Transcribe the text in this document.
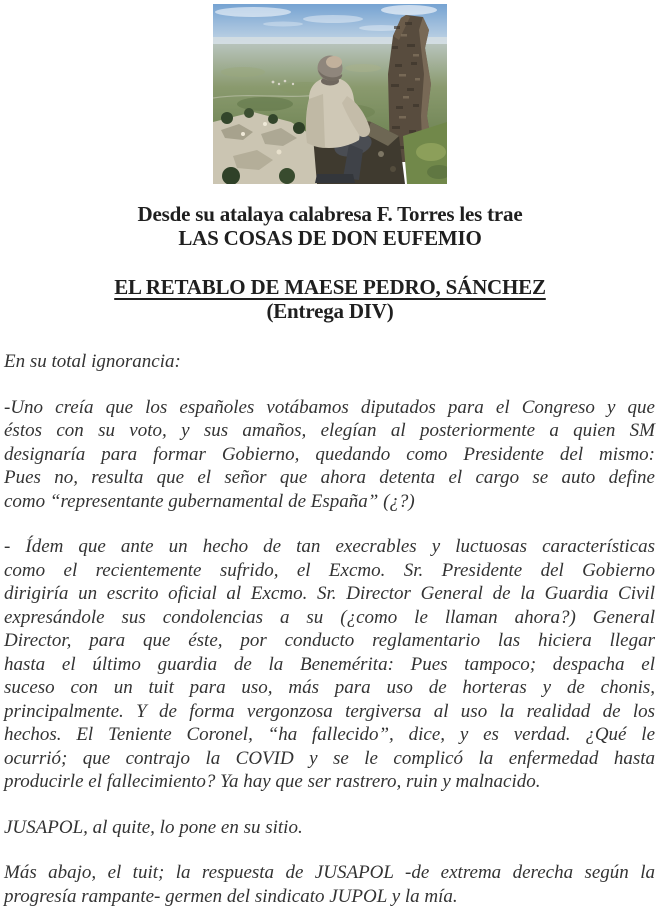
Desde su atalaya calabresa F. Torres les trae
LAS COSAS DE DON EUFEMIO
EL RETABLO DE MAESE PEDRO, SÁNCHEZ
(Entrega DIV)
En su total ignorancia:
-Uno creía que los españoles votábamos diputados para el Congreso y que
éstos con su voto, y sus amaños, elegían al posteriormente a quien SM
designaría para formar Gobierno, quedando como Presidente del mismo:
Pues no, resulta que el señor que ahora detenta el cargo se auto define
como “representante gubernamental de España” (¿?)
- Ídem que ante un hecho de tan execrables y luctuosas características
como el recientemente sufrido, el Excmo. Sr. Presidente del Gobierno
dirigiría un escrito oficial al Excmo. Sr. Director General de la Guardia Civil
expresándole sus condolencias a su (¿como le llaman ahora?) General
Director, para que éste, por conducto reglamentario las hiciera llegar
hasta el último guardia de la Benemérita: Pues tampoco; despacha el
suceso con un tuit para uso, más para uso de horteras y de chonis,
principalmente. Y de forma vergonzosa tergiversa al uso la realidad de los
hechos. El Teniente Coronel, “ha fallecido”, dice, y es verdad. ¿Qué le
ocurrió; que contrajo la COVID y se le complicó la enfermedad hasta
producirle el fallecimiento? Ya hay que ser rastrero, ruin y malnacido.
JUSAPOL, al quite, lo pone en su sitio.
Más abajo, el tuit; la respuesta de JUSAPOL -de extrema derecha según la
progresía rampante- germen del sindicato JUPOL y la mía.
